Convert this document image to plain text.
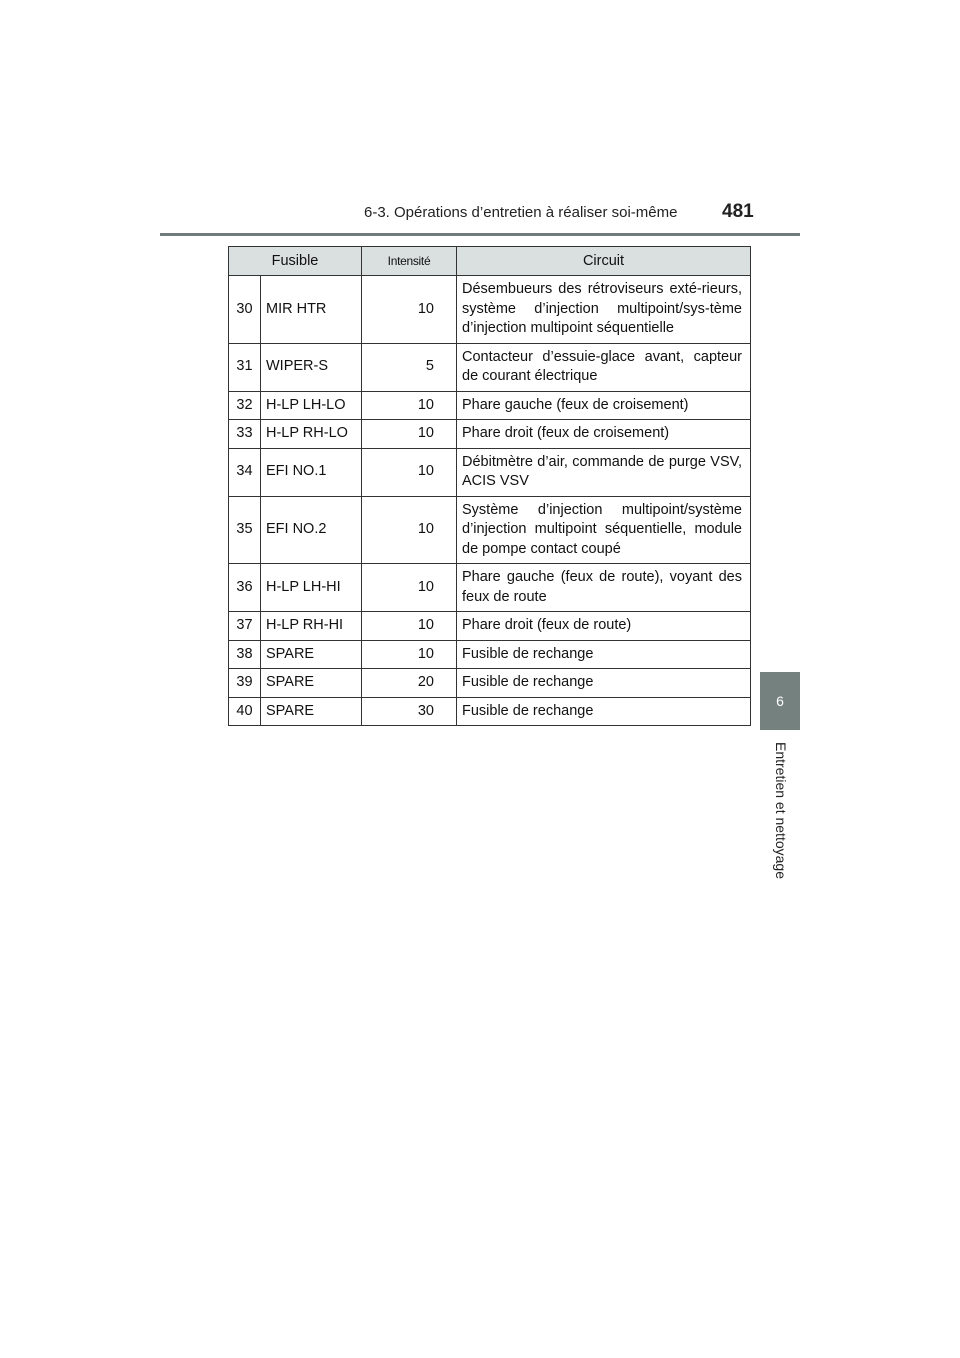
6-3. Opérations d’entretien à réaliser soi-même 481
6
Entretien et nettoyage
Fusible		Intensité	Circuit
30	MIR HTR	10	Désembueurs des rétroviseurs exté-rieurs, système d’injection multipoint/sys-tème d’injection multipoint séquentielle
31	WIPER-S	5	Contacteur d’essuie-glace avant, capteur de courant électrique
32	H-LP LH-LO	10	Phare gauche (feux de croisement)
33	H-LP RH-LO	10	Phare droit (feux de croisement)
34	EFI NO.1	10	Débitmètre d’air, commande de purge VSV, ACIS VSV
35	EFI NO.2	10	Système d’injection multipoint/système d’injection multipoint séquentielle, module de pompe contact coupé
36	H-LP LH-HI	10	Phare gauche (feux de route), voyant des feux de route
37	H-LP RH-HI	10	Phare droit (feux de route)
38	SPARE	10	Fusible de rechange
39	SPARE	20	Fusible de rechange
40	SPARE	30	Fusible de rechange
